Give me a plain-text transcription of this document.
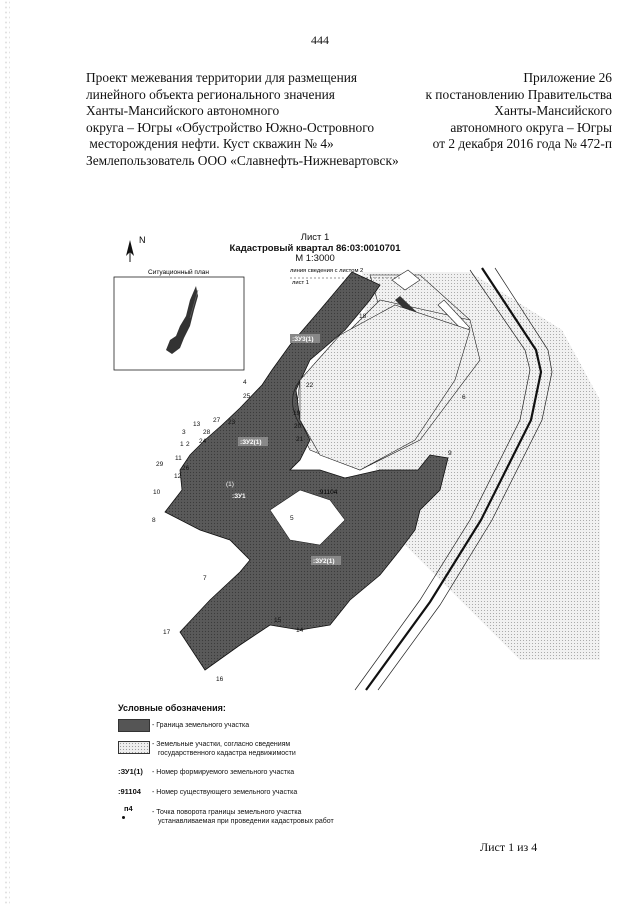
444
Проект межевания территории для размещения
линейного объекта регионального значения
Ханты-Мансийского автономного
округа – Югры «Обустройство Южно-Островного
месторождения нефти. Куст скважин № 4»
Землепользователь ООО «Славнефть-Нижневартовск»
Приложение 26
к постановлению Правительства
Ханты-Мансийского
автономного округа – Югры
от 2 декабря 2016 года № 472-п
Лист 1
Кадастровый квартал 86:03:0010701
М 1:3000
N
Ситуационный план	линия сведения с листом 2
лист 1
:ЗУ3(1)
:ЗУ2(1)
:ЗУ1
:ЗУ2(1)
:91104
(1)
1 2
3
4
5
6
7
8
9
10
11
12
13
14
15
16
17
18
19
20
21
22
23
24
25
26
27
28
29
Условные обозначения:
- Граница земельного участка
- Земельные участки, согласно сведениям
государственного кадастра недвижимости
:ЗУ1(1) - Номер формируемого земельного участка
:91104 - Номер существующего земельного участка
п4	- Точка поворота границы земельного участка
устанавливаемая при проведении кадастровых работ
Лист 1 из 4
